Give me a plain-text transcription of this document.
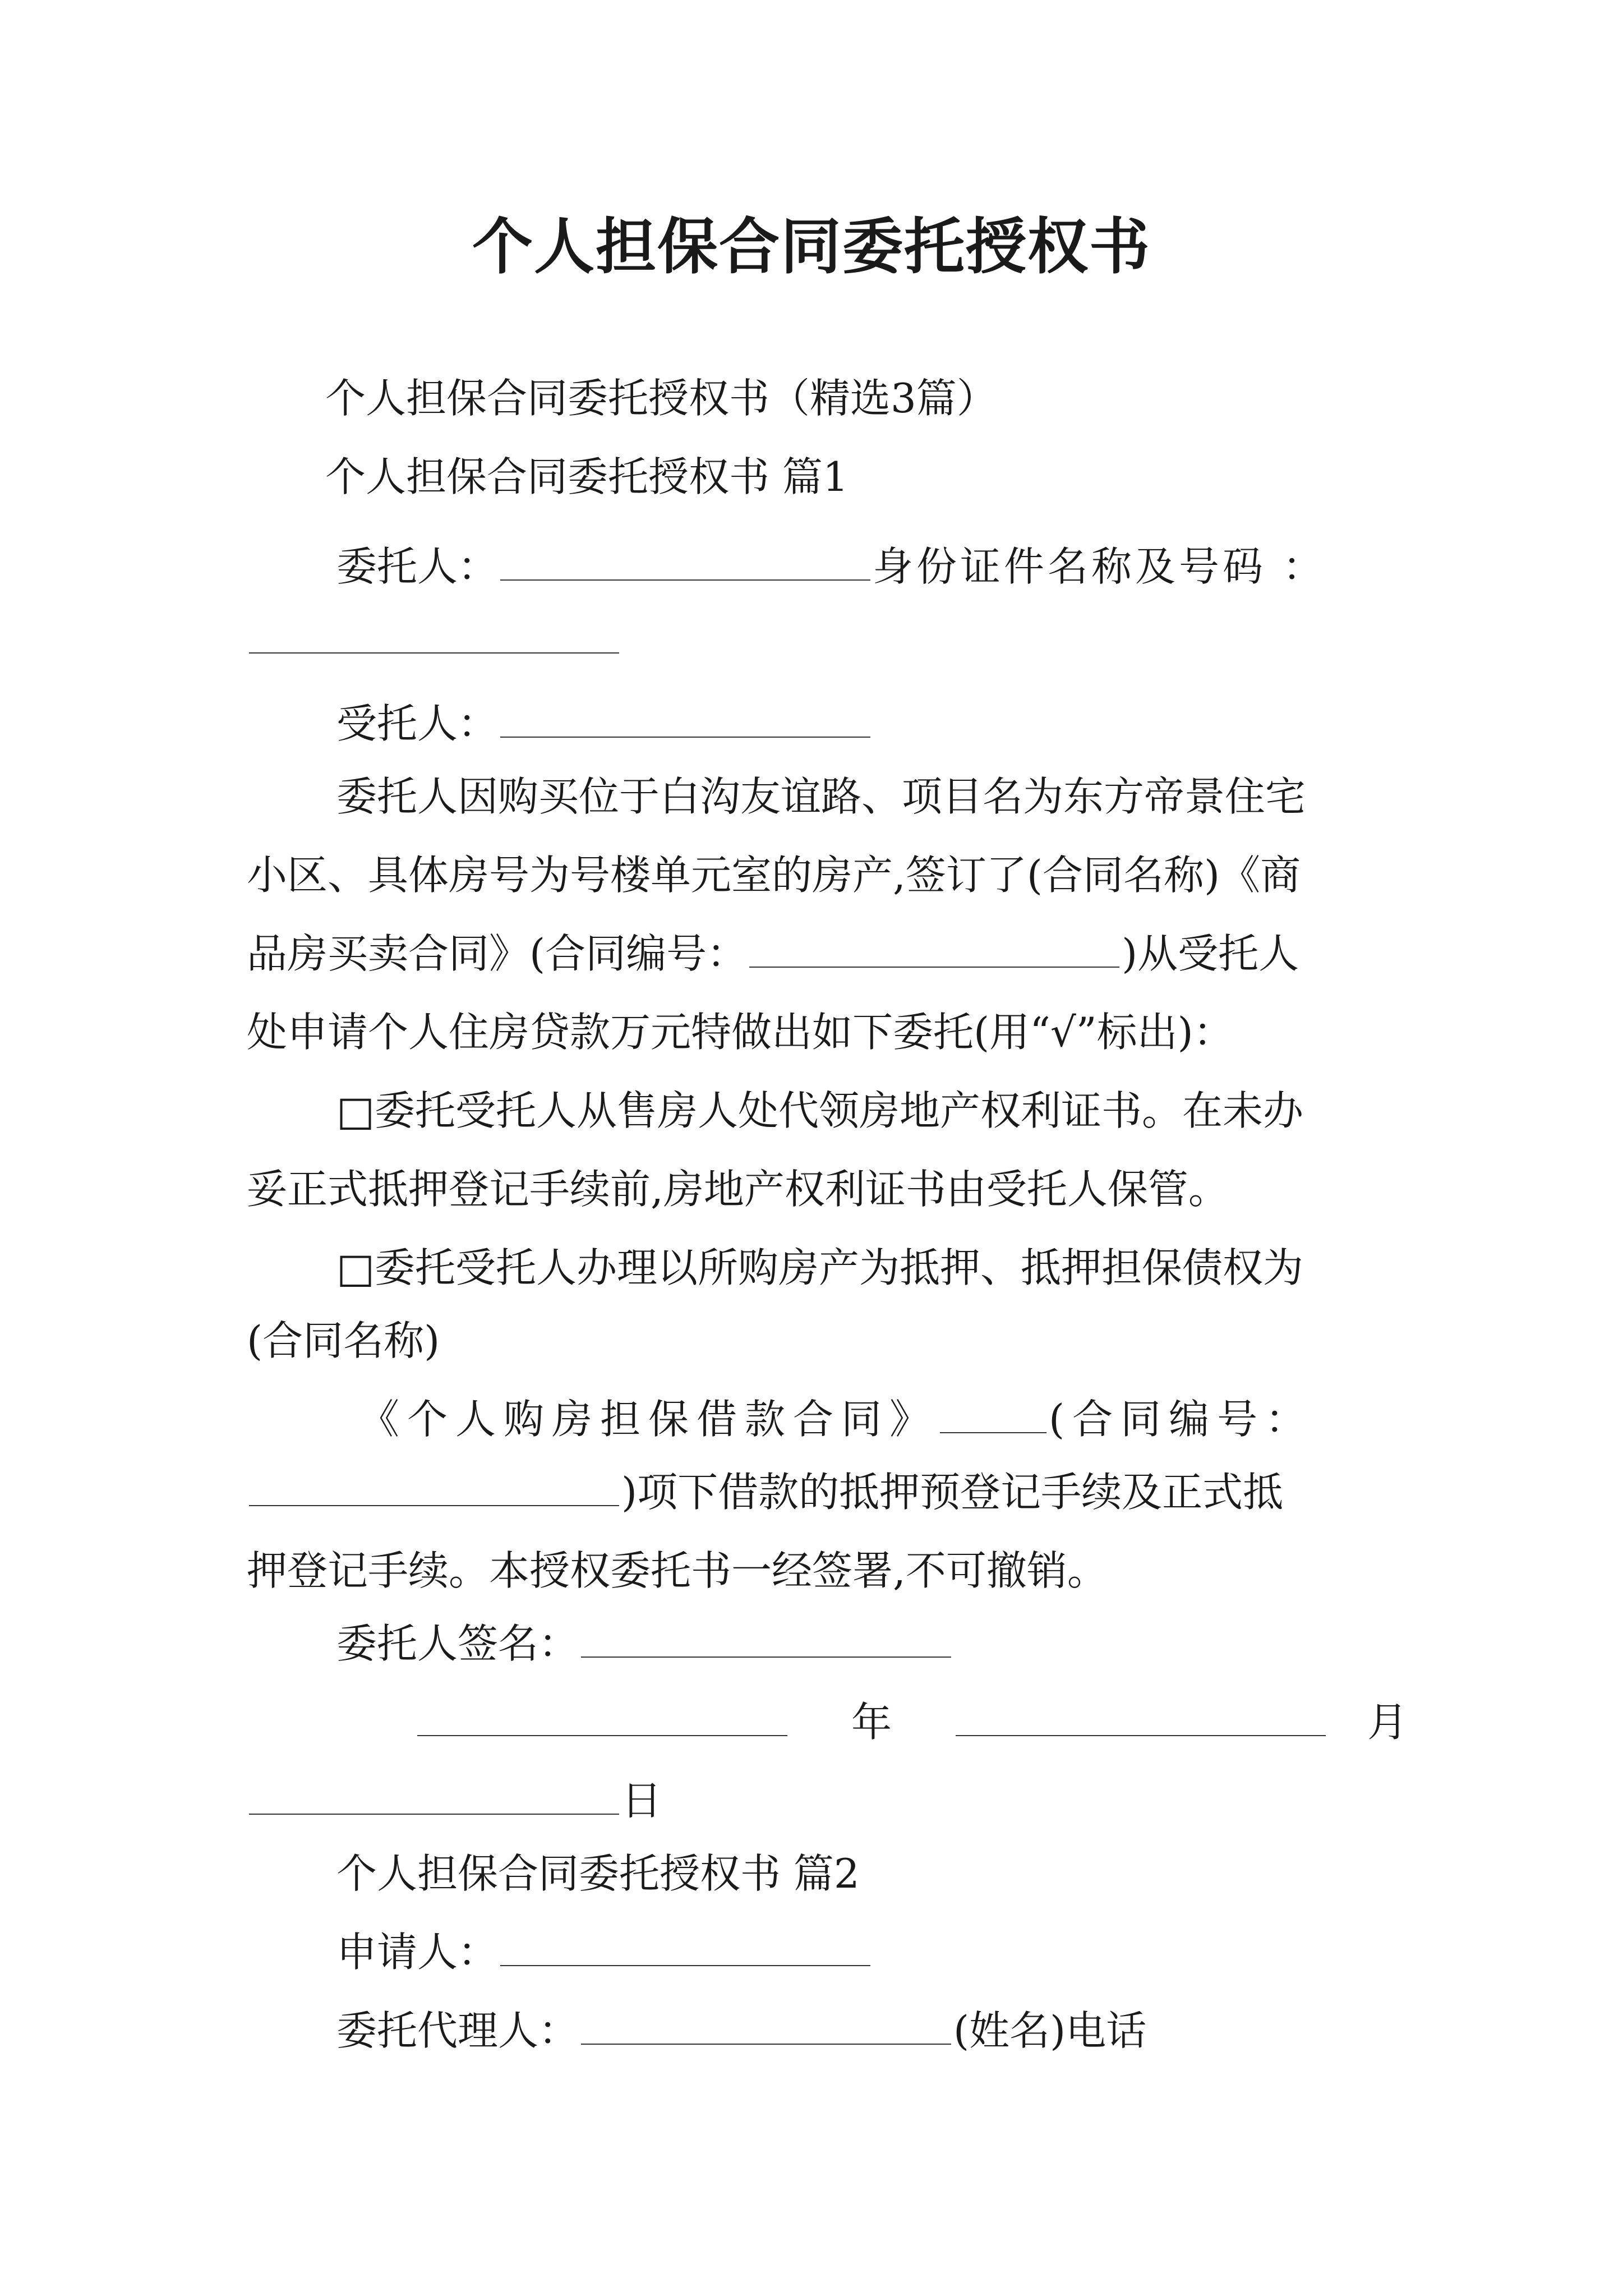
个人担保合同委托授权书
个人担保合同委托授权书（精选3篇）
个人担保合同委托授权书 篇1
委托人：	身份证件名称及号码 ：
受托人：
委托人因购买位于白沟友谊路、项目名为东方帝景住宅
小区、具体房号为号楼单元室的房产,签订了(合同名称)《商
品房买卖合同》(合同编号：	)从受托人
处申请个人住房贷款万元特做出如下委托(用“√”标出)：
□委托受托人从售房人处代领房地产权利证书。在未办
妥正式抵押登记手续前,房地产权利证书由受托人保管。
□委托受托人办理以所购房产为抵押、抵押担保债权为
(合同名称)
《个人购房担保借款合同》	(合同编号：
)项下借款的抵押预登记手续及正式抵
押登记手续。本授权委托书一经签署,不可撤销。
委托人签名：
年	月
日
个人担保合同委托授权书 篇2
申请人：
委托代理人：	(姓名)电话
